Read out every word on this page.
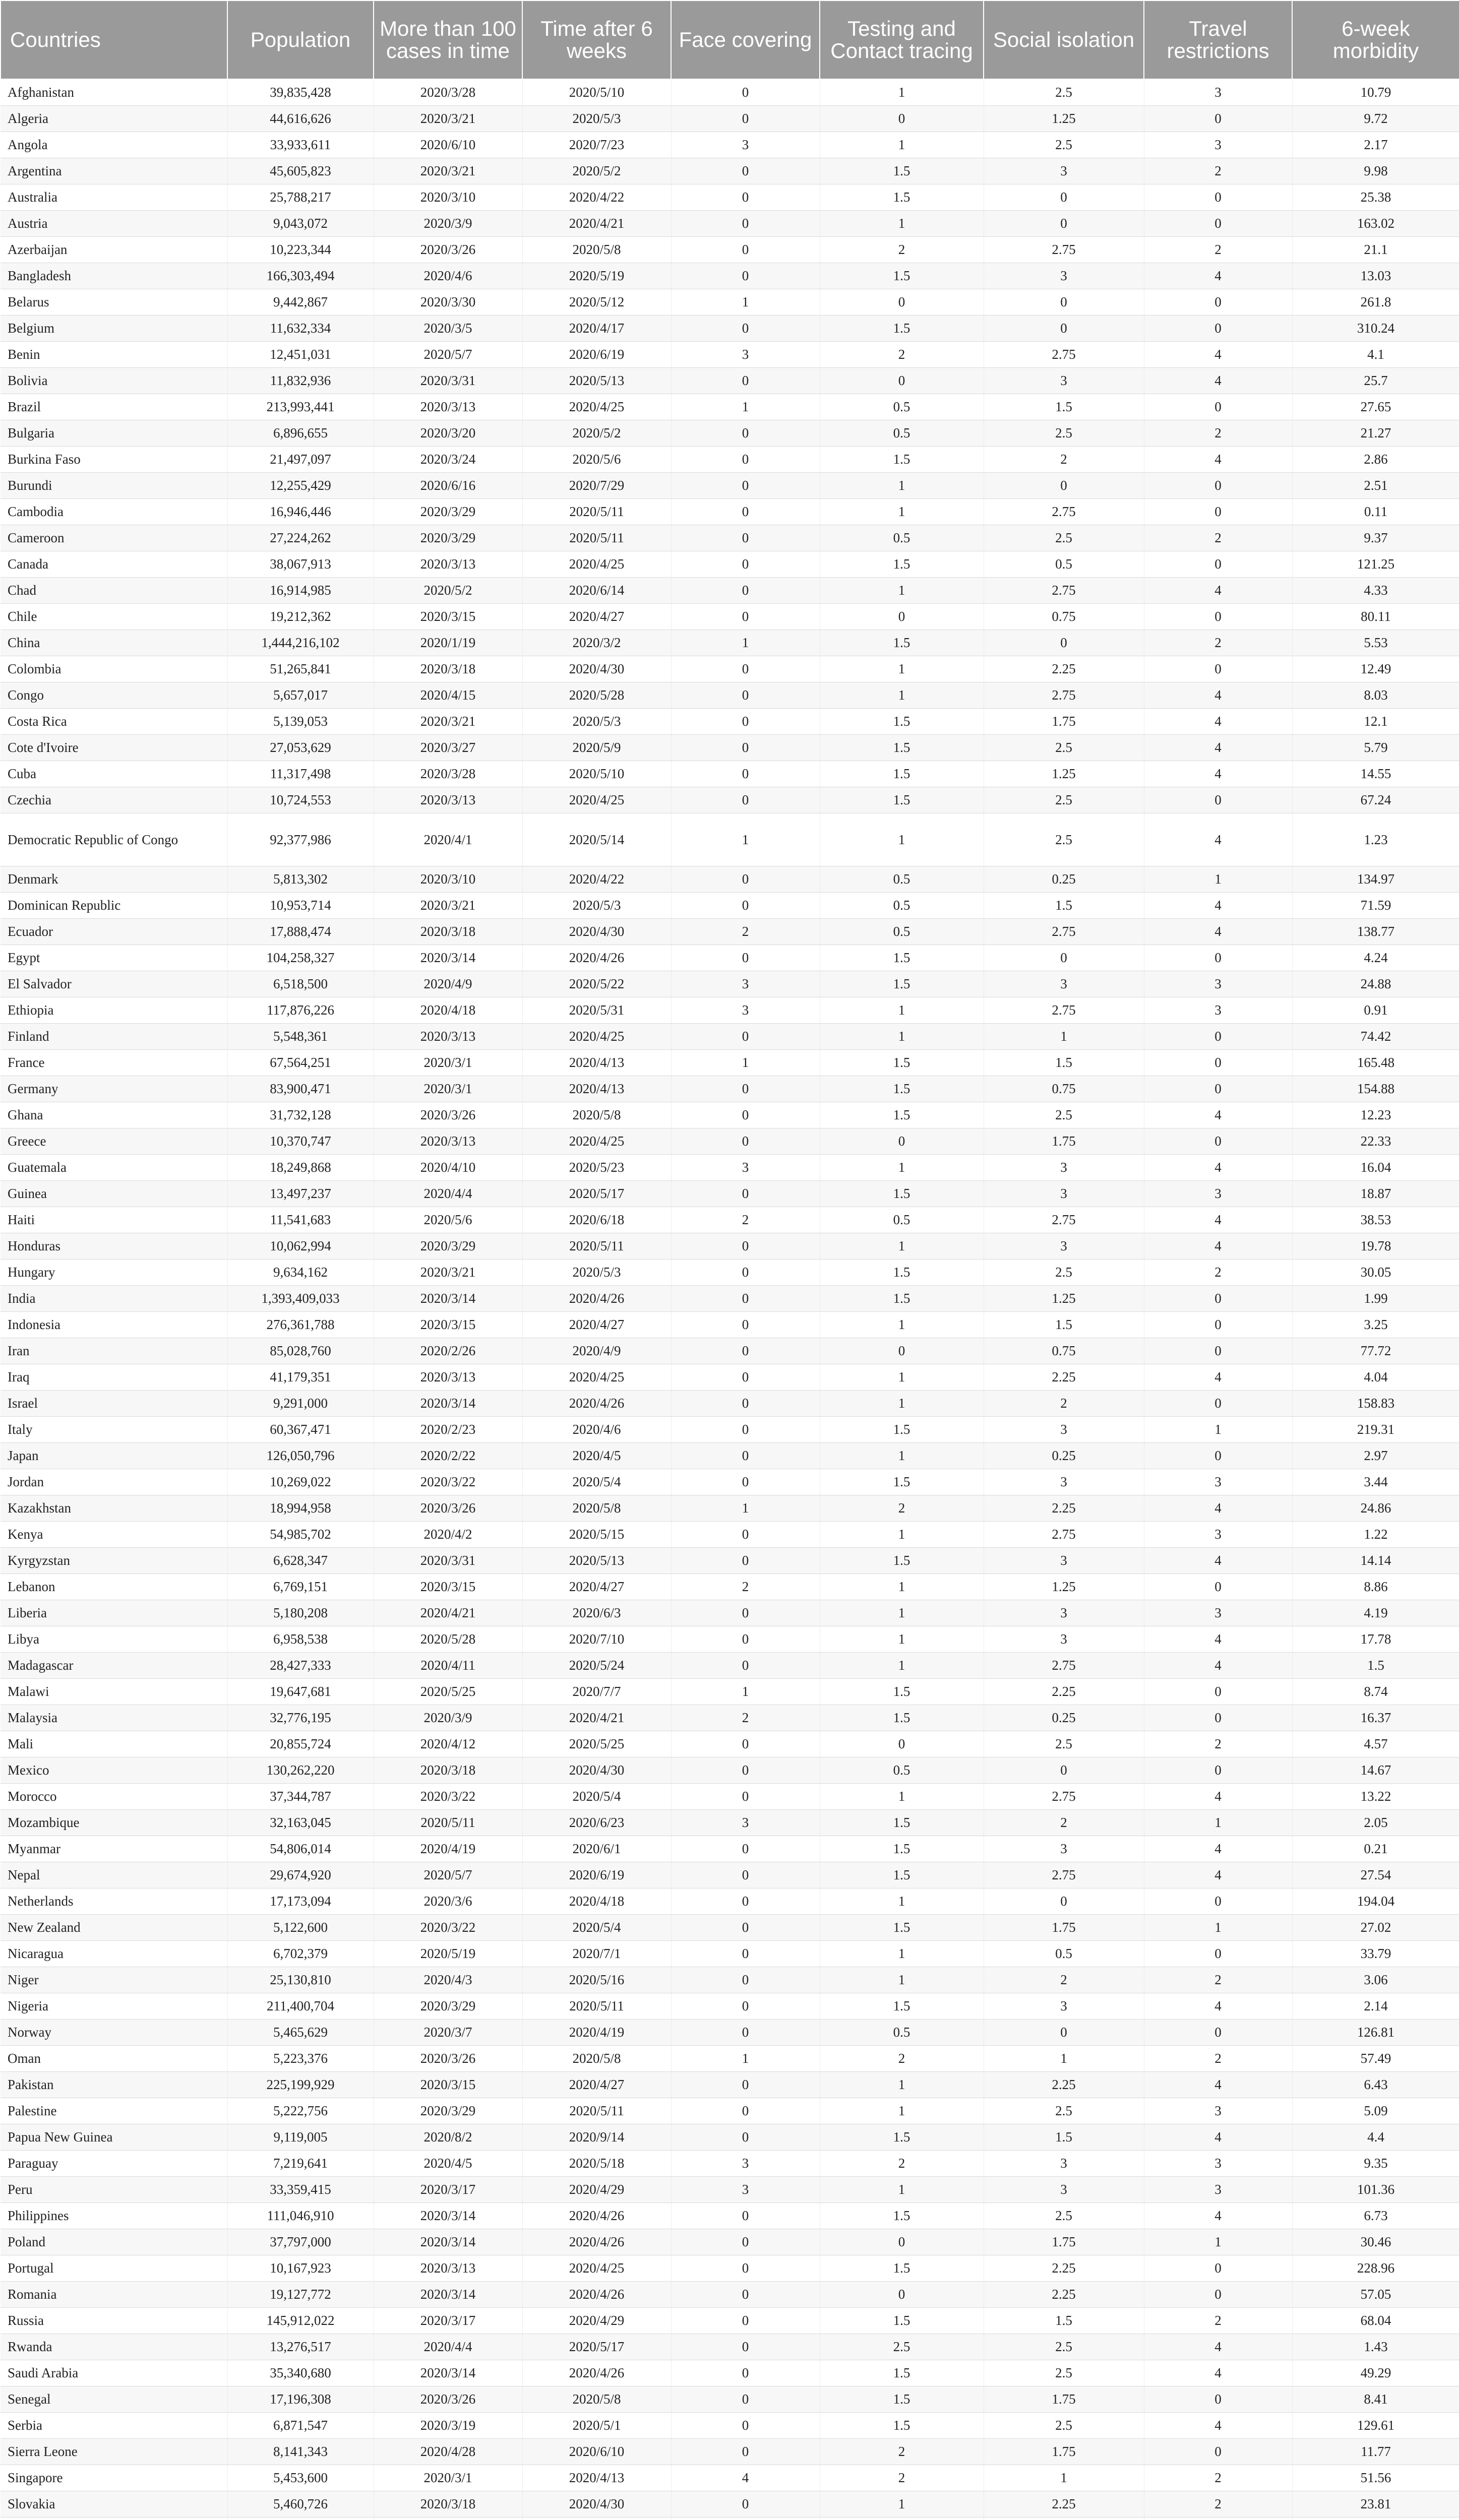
Countries	Population	More than 100 cases in time	Time after 6 weeks	Face covering	Testing and Contact tracing	Social isolation	Travel restrictions	6-week morbidity
Afghanistan	39,835,428	2020/3/28	2020/5/10	0	1	2.5	3	10.79
Algeria	44,616,626	2020/3/21	2020/5/3	0	0	1.25	0	9.72
Angola	33,933,611	2020/6/10	2020/7/23	3	1	2.5	3	2.17
Argentina	45,605,823	2020/3/21	2020/5/2	0	1.5	3	2	9.98
Australia	25,788,217	2020/3/10	2020/4/22	0	1.5	0	0	25.38
Austria	9,043,072	2020/3/9	2020/4/21	0	1	0	0	163.02
Azerbaijan	10,223,344	2020/3/26	2020/5/8	0	2	2.75	2	21.1
Bangladesh	166,303,494	2020/4/6	2020/5/19	0	1.5	3	4	13.03
Belarus	9,442,867	2020/3/30	2020/5/12	1	0	0	0	261.8
Belgium	11,632,334	2020/3/5	2020/4/17	0	1.5	0	0	310.24
Benin	12,451,031	2020/5/7	2020/6/19	3	2	2.75	4	4.1
Bolivia	11,832,936	2020/3/31	2020/5/13	0	0	3	4	25.7
Brazil	213,993,441	2020/3/13	2020/4/25	1	0.5	1.5	0	27.65
Bulgaria	6,896,655	2020/3/20	2020/5/2	0	0.5	2.5	2	21.27
Burkina Faso	21,497,097	2020/3/24	2020/5/6	0	1.5	2	4	2.86
Burundi	12,255,429	2020/6/16	2020/7/29	0	1	0	0	2.51
Cambodia	16,946,446	2020/3/29	2020/5/11	0	1	2.75	0	0.11
Cameroon	27,224,262	2020/3/29	2020/5/11	0	0.5	2.5	2	9.37
Canada	38,067,913	2020/3/13	2020/4/25	0	1.5	0.5	0	121.25
Chad	16,914,985	2020/5/2	2020/6/14	0	1	2.75	4	4.33
Chile	19,212,362	2020/3/15	2020/4/27	0	0	0.75	0	80.11
China	1,444,216,102	2020/1/19	2020/3/2	1	1.5	0	2	5.53
Colombia	51,265,841	2020/3/18	2020/4/30	0	1	2.25	0	12.49
Congo	5,657,017	2020/4/15	2020/5/28	0	1	2.75	4	8.03
Costa Rica	5,139,053	2020/3/21	2020/5/3	0	1.5	1.75	4	12.1
Cote d'Ivoire	27,053,629	2020/3/27	2020/5/9	0	1.5	2.5	4	5.79
Cuba	11,317,498	2020/3/28	2020/5/10	0	1.5	1.25	4	14.55
Czechia	10,724,553	2020/3/13	2020/4/25	0	1.5	2.5	0	67.24
Democratic Republic of Congo	92,377,986	2020/4/1	2020/5/14	1	1	2.5	4	1.23
Denmark	5,813,302	2020/3/10	2020/4/22	0	0.5	0.25	1	134.97
Dominican Republic	10,953,714	2020/3/21	2020/5/3	0	0.5	1.5	4	71.59
Ecuador	17,888,474	2020/3/18	2020/4/30	2	0.5	2.75	4	138.77
Egypt	104,258,327	2020/3/14	2020/4/26	0	1.5	0	0	4.24
El Salvador	6,518,500	2020/4/9	2020/5/22	3	1.5	3	3	24.88
Ethiopia	117,876,226	2020/4/18	2020/5/31	3	1	2.75	3	0.91
Finland	5,548,361	2020/3/13	2020/4/25	0	1	1	0	74.42
France	67,564,251	2020/3/1	2020/4/13	1	1.5	1.5	0	165.48
Germany	83,900,471	2020/3/1	2020/4/13	0	1.5	0.75	0	154.88
Ghana	31,732,128	2020/3/26	2020/5/8	0	1.5	2.5	4	12.23
Greece	10,370,747	2020/3/13	2020/4/25	0	0	1.75	0	22.33
Guatemala	18,249,868	2020/4/10	2020/5/23	3	1	3	4	16.04
Guinea	13,497,237	2020/4/4	2020/5/17	0	1.5	3	3	18.87
Haiti	11,541,683	2020/5/6	2020/6/18	2	0.5	2.75	4	38.53
Honduras	10,062,994	2020/3/29	2020/5/11	0	1	3	4	19.78
Hungary	9,634,162	2020/3/21	2020/5/3	0	1.5	2.5	2	30.05
India	1,393,409,033	2020/3/14	2020/4/26	0	1.5	1.25	0	1.99
Indonesia	276,361,788	2020/3/15	2020/4/27	0	1	1.5	0	3.25
Iran	85,028,760	2020/2/26	2020/4/9	0	0	0.75	0	77.72
Iraq	41,179,351	2020/3/13	2020/4/25	0	1	2.25	4	4.04
Israel	9,291,000	2020/3/14	2020/4/26	0	1	2	0	158.83
Italy	60,367,471	2020/2/23	2020/4/6	0	1.5	3	1	219.31
Japan	126,050,796	2020/2/22	2020/4/5	0	1	0.25	0	2.97
Jordan	10,269,022	2020/3/22	2020/5/4	0	1.5	3	3	3.44
Kazakhstan	18,994,958	2020/3/26	2020/5/8	1	2	2.25	4	24.86
Kenya	54,985,702	2020/4/2	2020/5/15	0	1	2.75	3	1.22
Kyrgyzstan	6,628,347	2020/3/31	2020/5/13	0	1.5	3	4	14.14
Lebanon	6,769,151	2020/3/15	2020/4/27	2	1	1.25	0	8.86
Liberia	5,180,208	2020/4/21	2020/6/3	0	1	3	3	4.19
Libya	6,958,538	2020/5/28	2020/7/10	0	1	3	4	17.78
Madagascar	28,427,333	2020/4/11	2020/5/24	0	1	2.75	4	1.5
Malawi	19,647,681	2020/5/25	2020/7/7	1	1.5	2.25	0	8.74
Malaysia	32,776,195	2020/3/9	2020/4/21	2	1.5	0.25	0	16.37
Mali	20,855,724	2020/4/12	2020/5/25	0	0	2.5	2	4.57
Mexico	130,262,220	2020/3/18	2020/4/30	0	0.5	0	0	14.67
Morocco	37,344,787	2020/3/22	2020/5/4	0	1	2.75	4	13.22
Mozambique	32,163,045	2020/5/11	2020/6/23	3	1.5	2	1	2.05
Myanmar	54,806,014	2020/4/19	2020/6/1	0	1.5	3	4	0.21
Nepal	29,674,920	2020/5/7	2020/6/19	0	1.5	2.75	4	27.54
Netherlands	17,173,094	2020/3/6	2020/4/18	0	1	0	0	194.04
New Zealand	5,122,600	2020/3/22	2020/5/4	0	1.5	1.75	1	27.02
Nicaragua	6,702,379	2020/5/19	2020/7/1	0	1	0.5	0	33.79
Niger	25,130,810	2020/4/3	2020/5/16	0	1	2	2	3.06
Nigeria	211,400,704	2020/3/29	2020/5/11	0	1.5	3	4	2.14
Norway	5,465,629	2020/3/7	2020/4/19	0	0.5	0	0	126.81
Oman	5,223,376	2020/3/26	2020/5/8	1	2	1	2	57.49
Pakistan	225,199,929	2020/3/15	2020/4/27	0	1	2.25	4	6.43
Palestine	5,222,756	2020/3/29	2020/5/11	0	1	2.5	3	5.09
Papua New Guinea	9,119,005	2020/8/2	2020/9/14	0	1.5	1.5	4	4.4
Paraguay	7,219,641	2020/4/5	2020/5/18	3	2	3	3	9.35
Peru	33,359,415	2020/3/17	2020/4/29	3	1	3	3	101.36
Philippines	111,046,910	2020/3/14	2020/4/26	0	1.5	2.5	4	6.73
Poland	37,797,000	2020/3/14	2020/4/26	0	0	1.75	1	30.46
Portugal	10,167,923	2020/3/13	2020/4/25	0	1.5	2.25	0	228.96
Romania	19,127,772	2020/3/14	2020/4/26	0	0	2.25	0	57.05
Russia	145,912,022	2020/3/17	2020/4/29	0	1.5	1.5	2	68.04
Rwanda	13,276,517	2020/4/4	2020/5/17	0	2.5	2.5	4	1.43
Saudi Arabia	35,340,680	2020/3/14	2020/4/26	0	1.5	2.5	4	49.29
Senegal	17,196,308	2020/3/26	2020/5/8	0	1.5	1.75	0	8.41
Serbia	6,871,547	2020/3/19	2020/5/1	0	1.5	2.5	4	129.61
Sierra Leone	8,141,343	2020/4/28	2020/6/10	0	2	1.75	0	11.77
Singapore	5,453,600	2020/3/1	2020/4/13	4	2	1	2	51.56
Slovakia	5,460,726	2020/3/18	2020/4/30	0	1	2.25	2	23.81
